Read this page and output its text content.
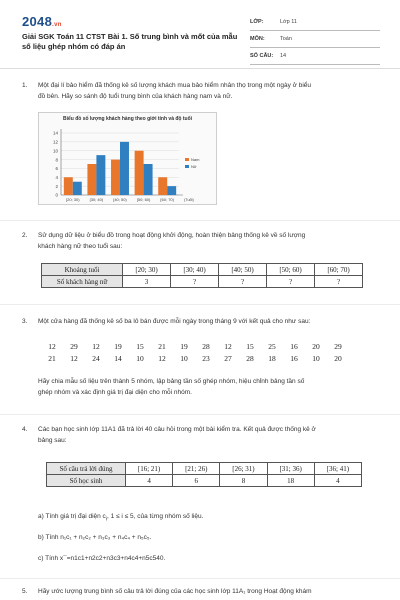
2048.vn
Giải SGK Toán 11 CTST Bài 1. Số trung bình và mốt của mẫu số liệu ghép nhóm có đáp án
LỚP:	Lớp 11
MÔN:	Toán
SỐ CÂU:	14
1. Một đại lí bảo hiểm đã thống kê số lượng khách mua bảo hiểm nhân thọ trong một ngày ở biểu
đồ bên. Hãy so sánh độ tuổi trung bình của khách hàng nam và nữ.
Biểu đồ số lượng khách hàng theo giới tính và độ tuổi
0
2
4
6
8
10
12
14
[20; 30)	[30; 40)	[40; 50)	[50; 60)	[60; 70)	(Tuổi)
Nam
Nữ
2. Sử dụng dữ liệu ở biểu đồ trong hoạt động khởi động, hoàn thiện bảng thống kê về số lượng
khách hàng nữ theo tuổi sau:
Khoảng tuổi	[20; 30)	[30; 40)	[40; 50)	[50; 60)	[60; 70)
Số khách hàng nữ	3	?	?	?	?
3. Một cửa hàng đã thống kê số ba lô bán được mỗi ngày trong tháng 9 với kết quả cho như sau:
12	29	12	19	15	21	19	28	12	15	25	16	20	29
21	12	24	14	10	12	10	23	27	28	18	16	10	20
Hãy chia mẫu số liệu trên thành 5 nhóm, lập bảng tần số ghép nhóm, hiệu chỉnh bảng tần số
ghép nhóm và xác định giá trị đại diện cho mỗi nhóm.
4. Các bạn học sinh lớp 11A1 đã trả lời 40 câu hỏi trong một bài kiểm tra. Kết quả được thống kê ở
bảng sau:
Số câu trả lời đúng	[16; 21)	[21; 26)	[26; 31)	[31; 36)	[36; 41)
Số học sinh	4	6	8	18	4
a) Tính giá trị đại diện $c_i$, 1 ≤ i ≤ 5, của từng nhóm số liệu.
b) Tính n₁c₁ + n₂c₂ + n₃c₃ + n₄c₄ + n₅c₅.
c) Tính x¯=n1c1+n2c2+n3c3+n4c4+n5c540.
5. Hãy ước lượng trung bình số câu trả lời đúng của các học sinh lớp 11A₁ trong Hoạt động khám
